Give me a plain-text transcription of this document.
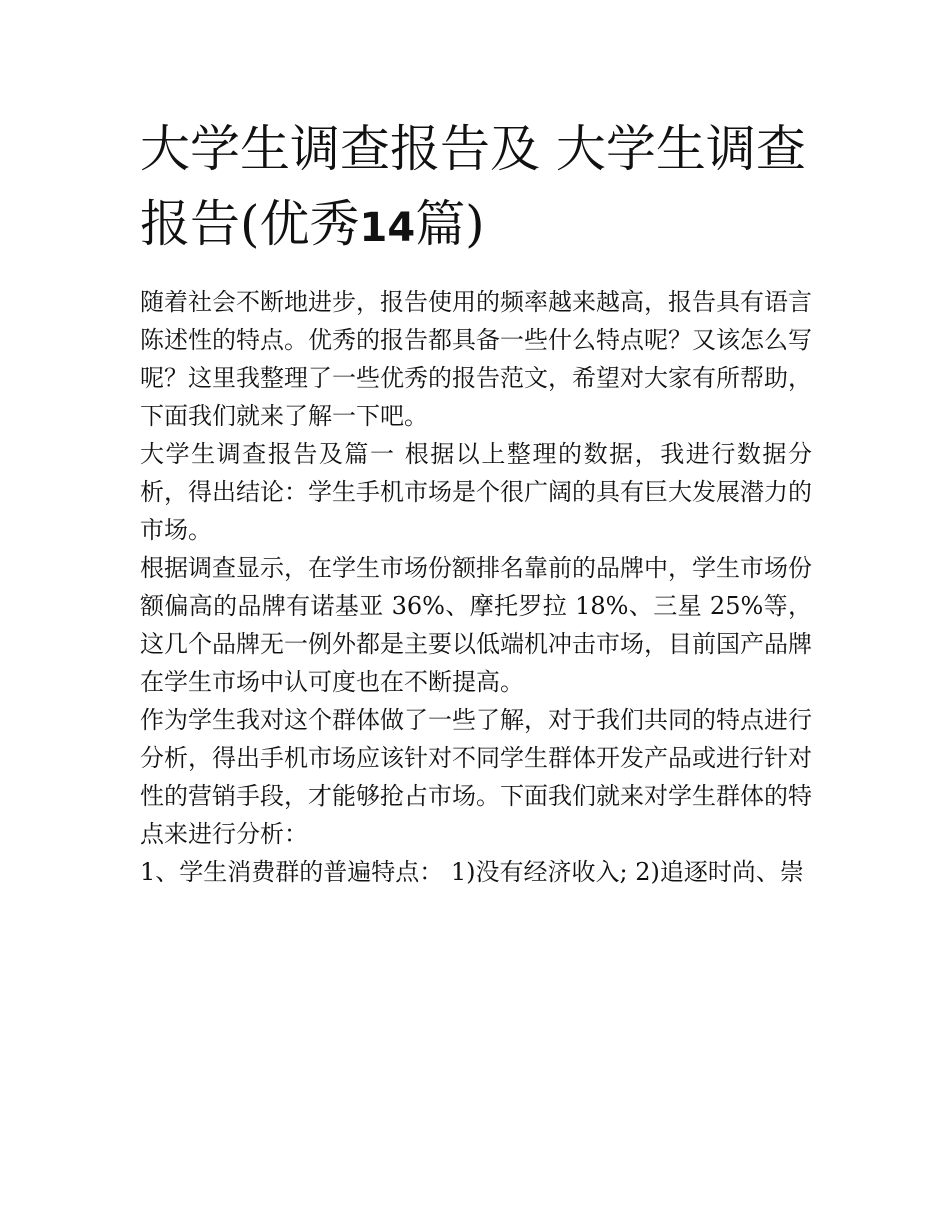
大学生调查报告及 大学生调查报告(优秀14篇)

随着社会不断地进步，报告使用的频率越来越高，报告具有语言陈述性的特点。优秀的报告都具备一些什么特点呢？又该怎么写呢？这里我整理了一些优秀的报告范文，希望对大家有所帮助，下面我们就来了解一下吧。

大学生调查报告及篇一 根据以上整理的数据，我进行数据分析，得出结论：学生手机市场是个很广阔的具有巨大发展潜力的市场。

根据调查显示，在学生市场份额排名靠前的品牌中，学生市场份额偏高的品牌有诺基亚 36%、摩托罗拉 18%、三星 25%等，这几个品牌无一例外都是主要以低端机冲击市场，目前国产品牌在学生市场中认可度也在不断提高。

作为学生我对这个群体做了一些了解，对于我们共同的特点进行分析，得出手机市场应该针对不同学生群体开发产品或进行针对性的营销手段，才能够抢占市场。下面我们就来对学生群体的特点来进行分析：

1、学生消费群的普遍特点： 1)没有经济收入; 2)追逐时尚、崇
